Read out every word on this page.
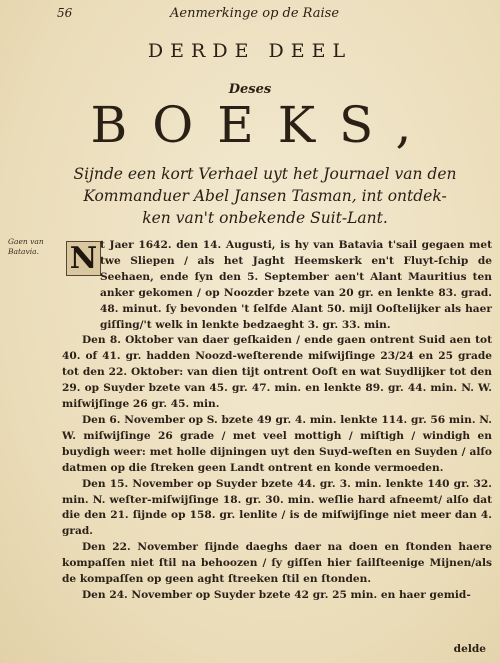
56	Aenmerkinge op de Raise
DERDE DEEL
Deses
BOEKS,
Sijnde een kort Verhael uyt het Journael van den
Kommanduer Abel Jansen Tasman, int ontdek-
ken van't onbekende Suit-Lant.
Gaen van Batavia.	N t Jaer 1642. den 14. Augusti, is hy van Batavia t'sail gegaen met twe Sliepen / als het Jaght Heemskerk en't Fluyt-ſchip de Seehaen, ende ſyn den 5. September aen't Alant Mauritius ten anker gekomen / op Noozder bzete van 20 gr. en lenkte 83. grad. 48. minut. ſy bevonden 't ſelfde Alant 50. mijl Ooſtelijker als haer giſſing/'t welk in lenkte bedzaeght 3. gr. 33. min.

Den 8. Oktober van daer geſkaiden / ende gaen ontrent Suid aen tot 40. of 41. gr. hadden Noozd-weſterende miſwijſinge 23/24 en 25 grade tot den 22. Oktober: van dien tijt ontrent Ooſt en wat Suydlijker tot den 29. op Suyder bzete van 45. gr. 47. min. en lenkte 89. gr. 44. min. N. W. miſwijſinge 26 gr. 45. min.

Den 6. November op S. bzete 49 gr. 4. min. lenkte 114. gr. 56 min. N. W. miſwijſinge 26 grade / met veel mottigh / miſtigh / windigh en buydigh weer: met holle dijningen uyt den Suyd-weſten en Suyden / alſo datmen op die ſtreken geen Landt ontrent en konde vermoeden.

Den 15. November op Suyder bzete 44. gr. 3. min. lenkte 140 gr. 32. min. N. weſter-miſwijſinge 18. gr. 30. min. weſlie hard afneemt/ alſo dat die den 21. ſijnde op 158. gr. lenlite / is de miſwijſinge niet meer dan 4. grad.

Den 22. November ſijnde daeghs daer na doen en ſtonden haere kompaſſen niet ſtil na behoozen / ſy giſſen hier ſailſteenige Mijnen/als de kompaſſen op geen aght ſtreeken ſtil en ſtonden.

Den 24. November op Suyder bzete 42 gr. 25 min. en haer gemid-

delde
